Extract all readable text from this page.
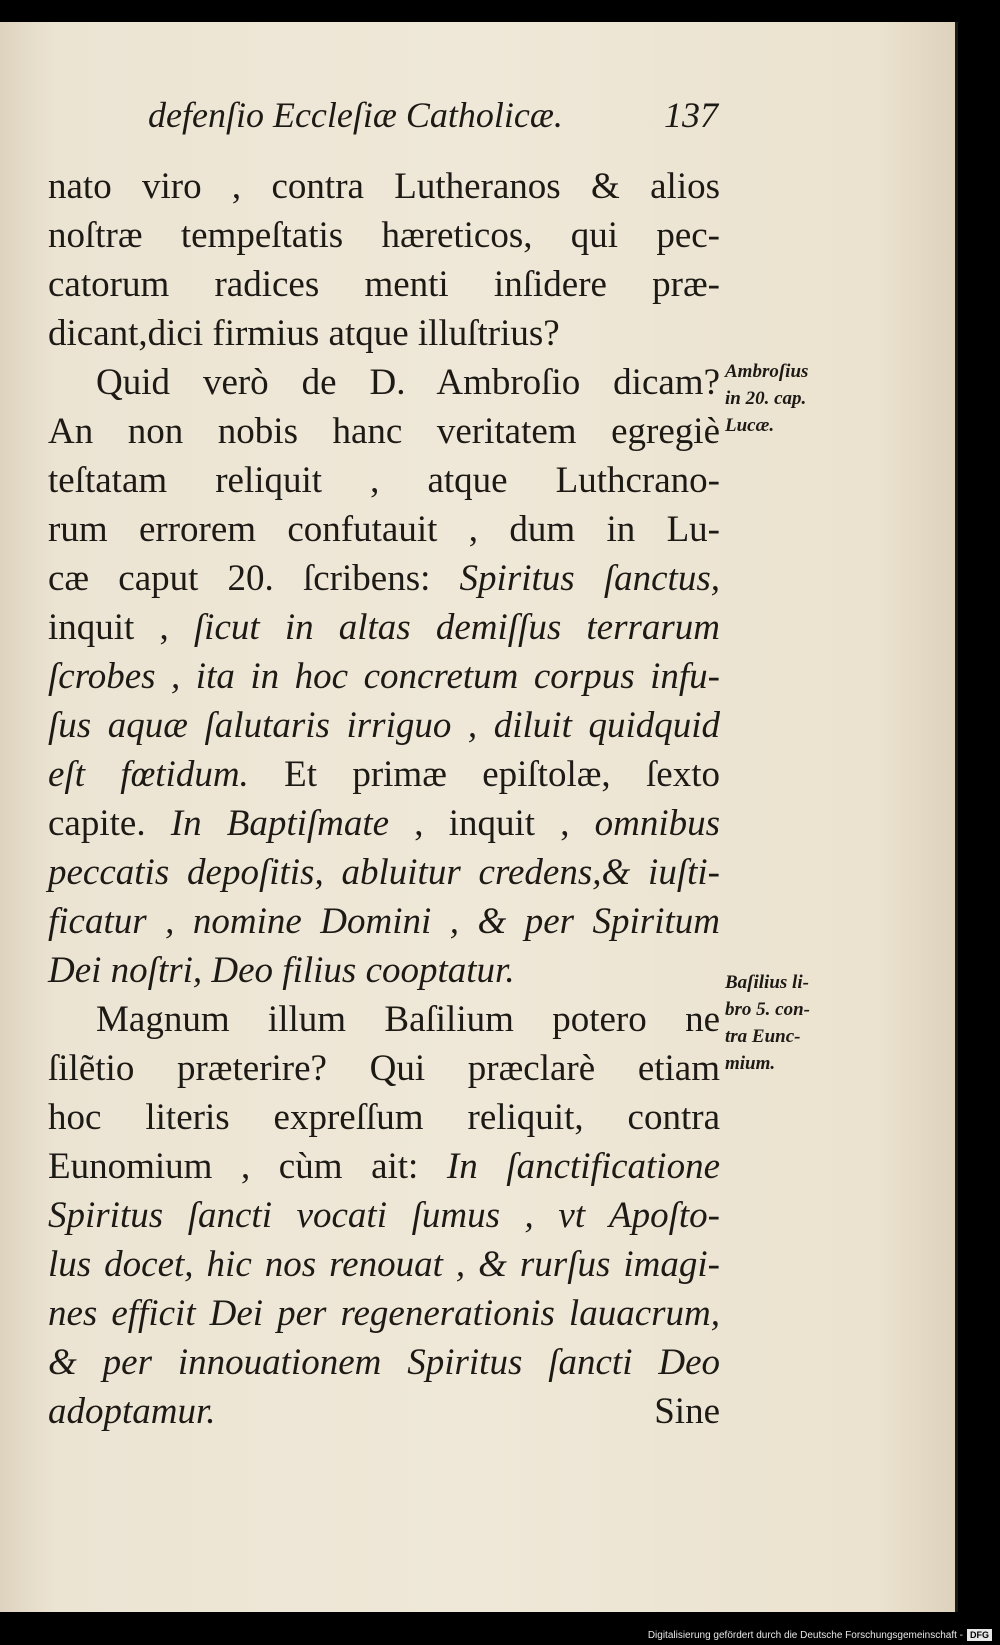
defenſio Eccleſiæ Catholicæ.	137
nato viro , contra Lutheranos & alios
noſtræ tempeſtatis hæreticos, qui pec-
catorum radices menti inſidere præ-
dicant,dici firmius atque illuſtrius?
Quid verò de D. Ambroſio dicam?
An non nobis hanc veritatem egregiè
teſtatam reliquit , atque Luthcrano-
rum errorem confutauit , dum in Lu-
cæ caput 20. ſcribens: Spiritus ſanctus,
inquit , ſicut in altas demiſſus terrarum
ſcrobes , ita in hoc concretum corpus infu-
ſus aquæ ſalutaris irriguo , diluit quidquid
eſt fœtidum. Et primæ epiſtolæ, ſexto
capite. In Baptiſmate , inquit , omnibus
peccatis depoſitis, abluitur credens,& iuſti-
ficatur , nomine Domini , & per Spiritum
Dei noſtri, Deo filius cooptatur.
Magnum illum Baſilium potero ne
ſilẽtio præterire? Qui præclarè etiam
hoc literis expreſſum reliquit, contra
Eunomium , cùm ait: In ſanctificatione
Spiritus ſancti vocati ſumus , vt Apoſto-
lus docet, hic nos renouat , & rurſus imagi-
nes efficit Dei per regenerationis lauacrum,
& per innouationem Spiritus ſancti Deo
adoptamur.	Sine
Ambroſius
in 20. cap.
Lucæ.
Baſilius li-
bro 5. con-
tra Eunc-
mium.
Digitalisierung gefördert durch die Deutsche Forschungsgemeinschaft - DFG
